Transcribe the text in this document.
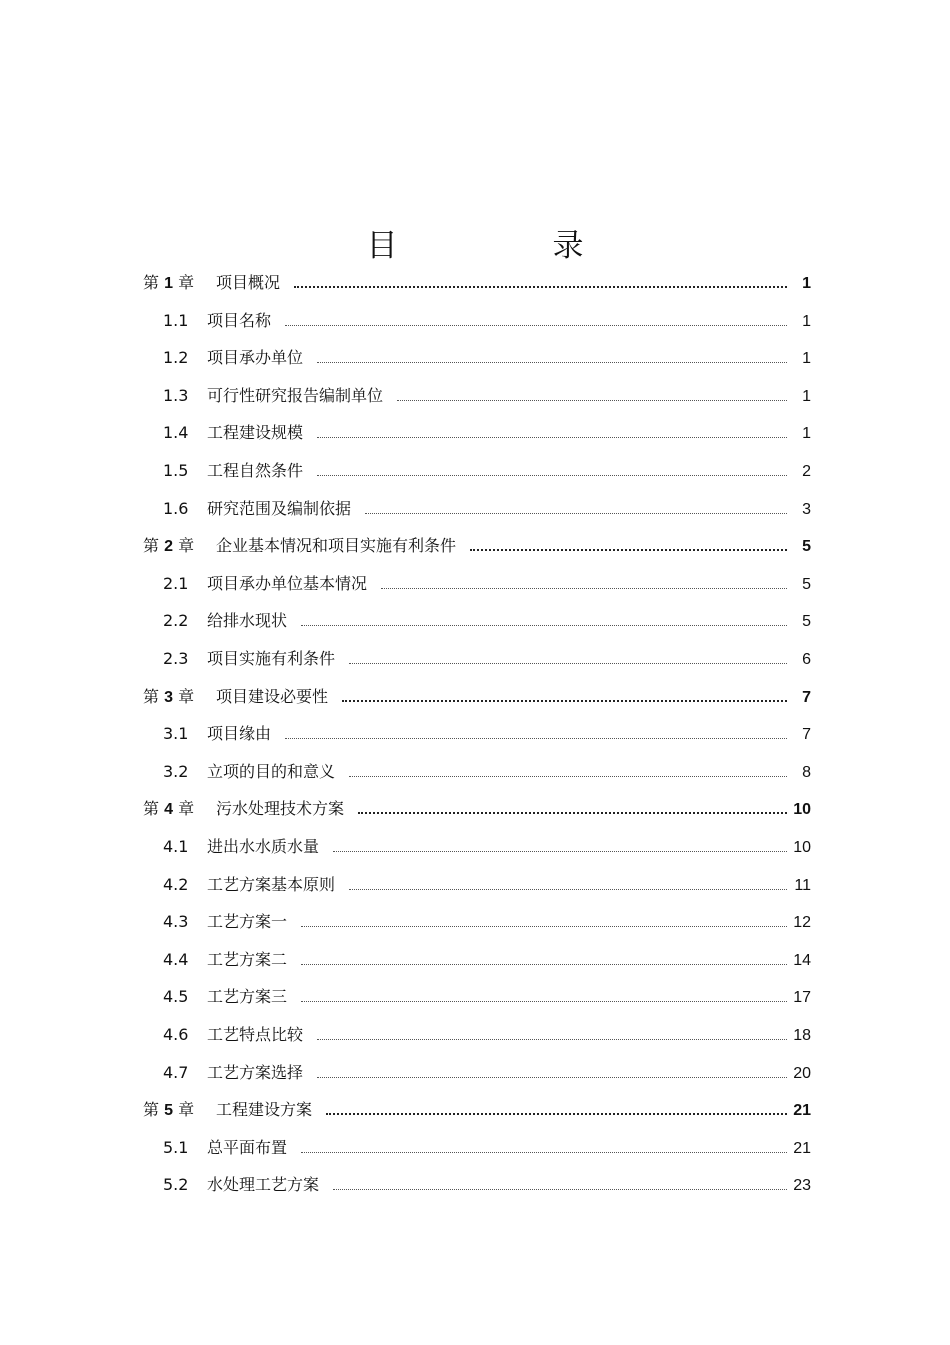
目　录
第 1 章	项目概况	1
1.1	项目名称	1
1.2	项目承办单位	1
1.3	可行性研究报告编制单位	1
1.4	工程建设规模	1
1.5	工程自然条件	2
1.6	研究范围及编制依据	3
第 2 章	企业基本情况和项目实施有利条件	5
2.1	项目承办单位基本情况	5
2.2	给排水现状	5
2.3	项目实施有利条件	6
第 3 章	项目建设必要性	7
3.1	项目缘由	7
3.2	立项的目的和意义	8
第 4 章	污水处理技术方案	10
4.1	进出水水质水量	10
4.2	工艺方案基本原则	11
4.3	工艺方案一	12
4.4	工艺方案二	14
4.5	工艺方案三	17
4.6	工艺特点比较	18
4.7	工艺方案选择	20
第 5 章	工程建设方案	21
5.1	总平面布置	21
5.2	水处理工艺方案	23
